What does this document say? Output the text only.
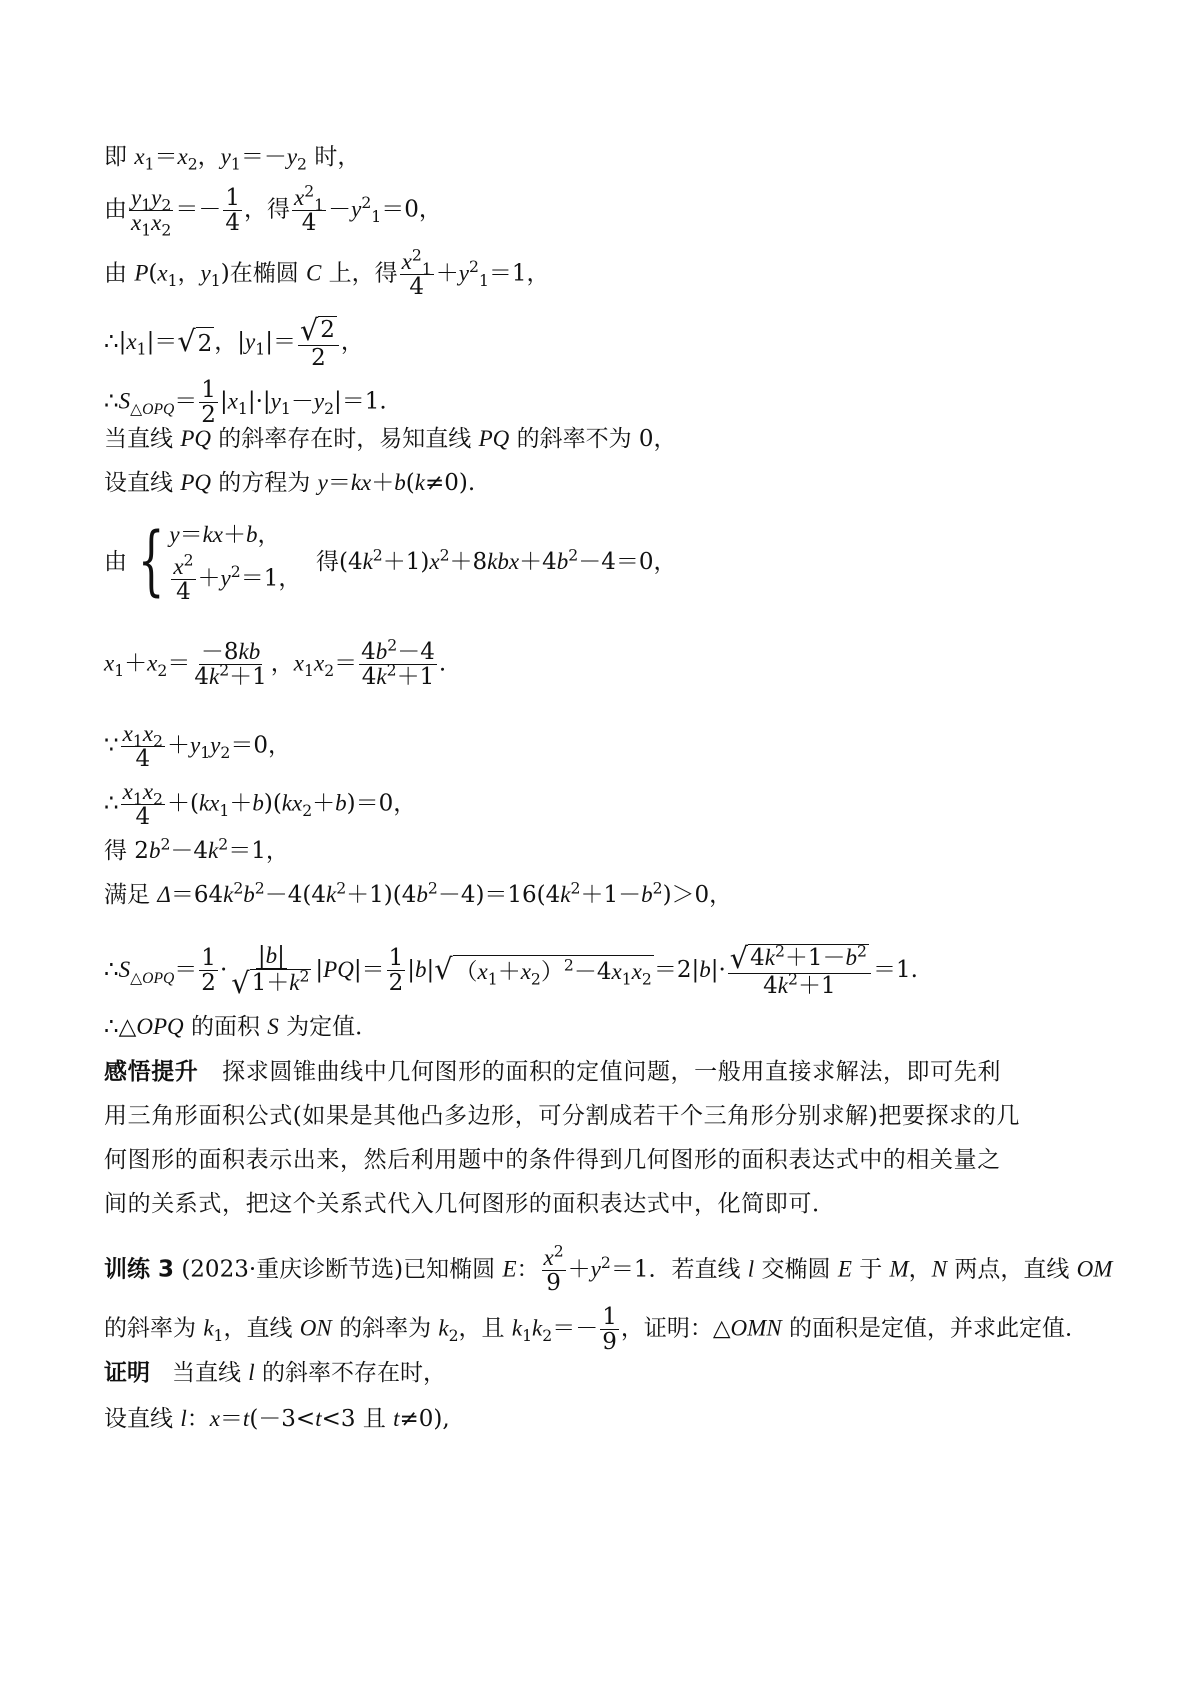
即 $x_1=x_2$，$y_1=-y_2$ 时，
由 $\frac{y_1y_2}{x_1x_2} =- \frac{1}{4}$ ，得 $\frac{x^2_1}{4} -y^2_1=0$，
由 $P(x_1$，$y_1$)在椭圆 C 上，得 $\frac{x^2_1}{4} +y^2_1=1$，
$\therefore|x_1|=$ √ 2 ，$|y_1|= \frac{√ 2}{2}$ ，
$\therefore S_{\triangle OPQ}= \frac{1}{2} |x_1|\cdot|y_1-y_2|=1$.
当直线 PQ 的斜率存在时，易知直线 PQ 的斜率不为 0，
设直线 PQ 的方程为 y＝kx＋b(k≠0).
由 { y＝kx＋b，
$\frac{x^2}{4} +y^2=1$，
得$(4k^2+1)x^2+8kbx+4b^2-4=0$，
$x_1+x_2= \frac{-8kb}{4k^2+1}$ ，$x_1x_2= \frac{4b^2-4}{4k^2+1}$ .
∵ $\frac{x_1x_2}{4} +y_1y_2=0$，
∴ $\frac{x_1x_2}{4} +(kx_1+b)(kx_2+b)=0$，
得 $2b^2-4k^2=1$，
满足 $\Delta=64k^2b^2-4(4k^2+1)(4b^2-4)=16(4k^2+1-b^2)>0$，
$\therefore S_{\triangle OPQ}= \frac{1}{2} \cdot \frac{|b|}{√ 1+k^2} |PQ|= \frac{1}{2} |b|$ √ $(x_1+x_2)^2-4x_1x_2 =2|b|\cdot \frac{√ 4k^2+1-b^2}{4k^2+1} =1$.
∴△OPQ 的面积 S 为定值．
感悟提升 探求圆锥曲线中几何图形的面积的定值问题，一般用直接求解法，即可先利用三角形面积公式(如果是其他凸多边形，可分割成若干个三角形分别求解)把要探求的几何图形的面积表示出来，然后利用题中的条件得到几何图形的面积表达式中的相关量之间的关系式，把这个关系式代入几何图形的面积表达式中，化简即可．
训练 3 (2023·重庆诊断节选)已知椭圆 E： $\frac{x^2}{9} +y^2=1$．若直线 l 交椭圆 E 于 M，N 两点，直线 OM
的斜率为 $k_1$，直线 ON 的斜率为 $k_2$，且 $k_1k_2=- \frac{1}{9}$ ，证明：△OMN 的面积是定值，并求此定值．
证明 当直线 l 的斜率不存在时，
设直线 l：x＝t(－3<t<3 且 t≠0),
